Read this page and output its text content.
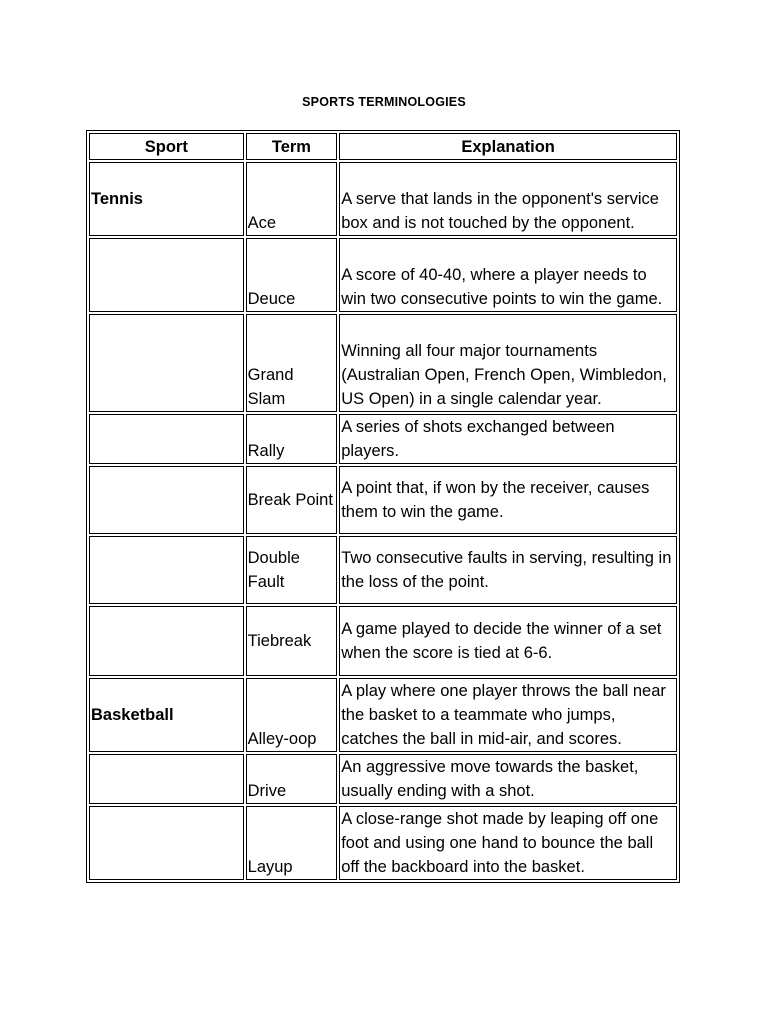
SPORTS TERMINOLOGIES
Sport	Term	Explanation
Tennis	Ace	A serve that lands in the opponent's service box and is not touched by the opponent.
	Deuce	A score of 40-40, where a player needs to win two consecutive points to win the game.
	Grand Slam	Winning all four major tournaments (Australian Open, French Open, Wimbledon, US Open) in a single calendar year.
	Rally	A series of shots exchanged between players.
	Break Point	A point that, if won by the receiver, causes them to win the game.
	Double Fault	Two consecutive faults in serving, resulting in the loss of the point.
	Tiebreak	A game played to decide the winner of a set when the score is tied at 6-6.
Basketball	Alley-oop	A play where one player throws the ball near the basket to a teammate who jumps, catches the ball in mid-air, and scores.
	Drive	An aggressive move towards the basket, usually ending with a shot.
	Layup	A close-range shot made by leaping off one foot and using one hand to bounce the ball off the backboard into the basket.
